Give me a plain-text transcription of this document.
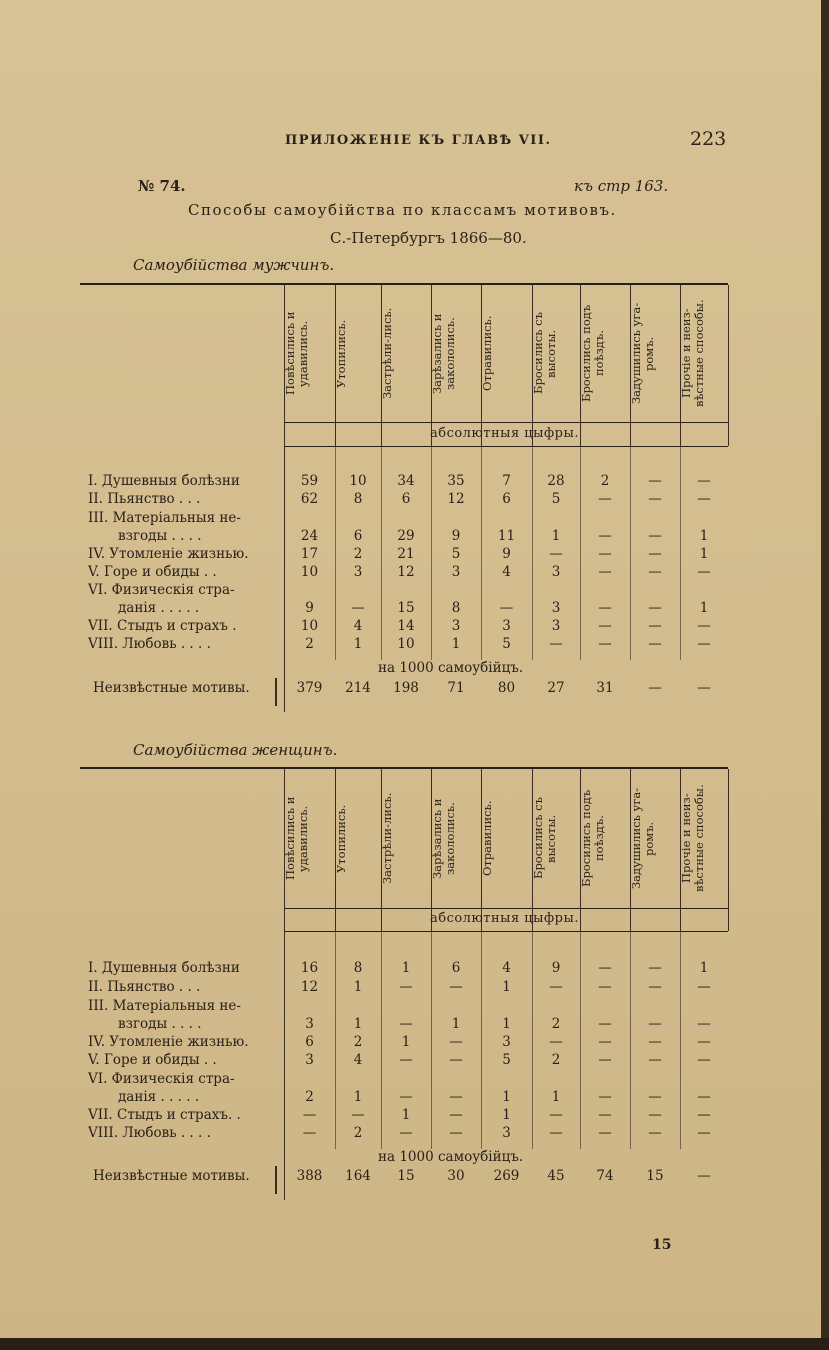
ПРИЛОЖЕНІЕ КЪ ГЛАВѢ VII.	223
№ 74.	къ стр 163.
Способы самоубійства по классамъ мотивовъ.
С.-Петербургъ 1866—80.
Самоубійства мужчинъ.
Повѣсились и удавились.	Утопились.	Застрѣли-лись.	Зарѣзались и закололись.	Отравились.	Бросились съ высоты.	Бросились подъ поѣздъ.	Задушились уга-ромъ.	Прочіе и неиз-вѣстные способы.
абсолютныя цыфры.
I. Душевныя болѣзни	59	10	34	35	7	28	2	—	—
II. Пьянство . . .	62	8	6	12	6	5	—	—	—
III. Матеріальныя не-
взгоды . . . .	24	6	29	9	11	1	—	—	1
IV. Утомленіе жизнью.	17	2	21	5	9	—	—	—	1
V. Горе и обиды . .	10	3	12	3	4	3	—	—	—
VI. Физическія стра-
данія . . . . .	9	—	15	8	—	3	—	—	1
VII. Стыдъ и страхъ .	10	4	14	3	3	3	—	—	—
VIII. Любовь . . . .	2	1	10	1	5	—	—	—	—
на 1000 самоубійцъ.
Неизвѣстные мотивы.	379	214	198	71	80	27	31	—	—
Самоубійства женщинъ.
Повѣсились и удавились.	Утопились.	Застрѣли-лись.	Зарѣзались и закололись.	Отравились.	Бросились съ высоты.	Бросились подъ поѣздъ.	Задушились уга-ромъ.	Прочіе и неиз-вѣстные способы.
абсолютныя цыфры.
I. Душевныя болѣзни	16	8	1	6	4	9	—	—	1
II. Пьянство . . .	12	1	—	—	1	—	—	—	—
III. Матеріальныя не-
взгоды . . . .	3	1	—	1	1	2	—	—	—
IV. Утомленіе жизнью.	6	2	1	—	3	—	—	—	—
V. Горе и обиды . .	3	4	—	—	5	2	—	—	—
VI. Физическія стра-
данія . . . . .	2	1	—	—	1	1	—	—	—
VII. Стыдъ и страхъ. .	—	—	1	—	1	—	—	—	—
VIII. Любовь . . . .	—	2	—	—	3	—	—	—	—
на 1000 самоубійцъ.
Неизвѣстные мотивы.	388	164	15	30	269	45	74	15	—
15
